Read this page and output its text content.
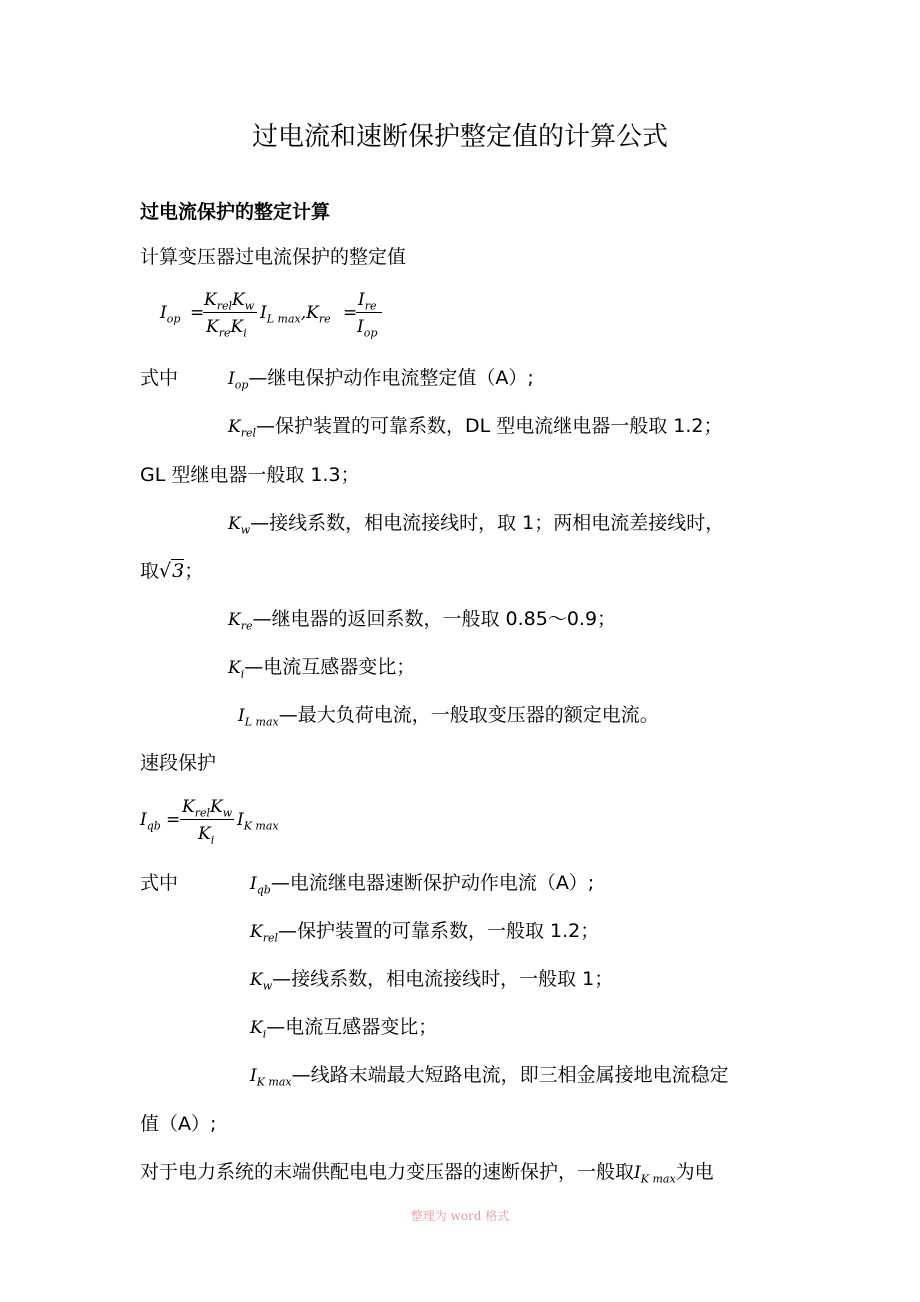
过电流和速断保护整定值的计算公式
过电流保护的整定计算
计算变压器过电流保护的整定值
$I_{op}$ =
$K_{rel}K_w$
$K_{re}K_i$
$I_{L max},K_{re}$ =
$I_{re}$
$I_{op}$
式中	$I_{op}—$继电保护动作电流整定值（A）;
$K_{rel}—$保护装置的可靠系数，DL 型电流继电器一般取 1.2；
GL 型继电器一般取 1.3；
$K_w—$接线系数，相电流接线时，取 1；两相电流差接线时，
取√3；
$K_{re}—$继电器的返回系数，一般取 0.85～0.9；
$K_i—$电流互感器变比；
$I_{L max}—$最大负荷电流，一般取变压器的额定电流。
速段保护
$I_{qb}$ =
$K_{rel}K_w$
$K_i$
$I_{K max}$
式中	$I_{qb}—$电流继电器速断保护动作电流（A）;
$K_{rel}—$保护装置的可靠系数，一般取 1.2；
$K_w—$接线系数，相电流接线时，一般取 1；
$K_i—$电流互感器变比；
$I_{K max}—$线路末端最大短路电流，即三相金属接地电流稳定
值（A）;
对于电力系统的末端供配电电力变压器的速断保护，一般取$I_{K max}$为电
整理为 word 格式
